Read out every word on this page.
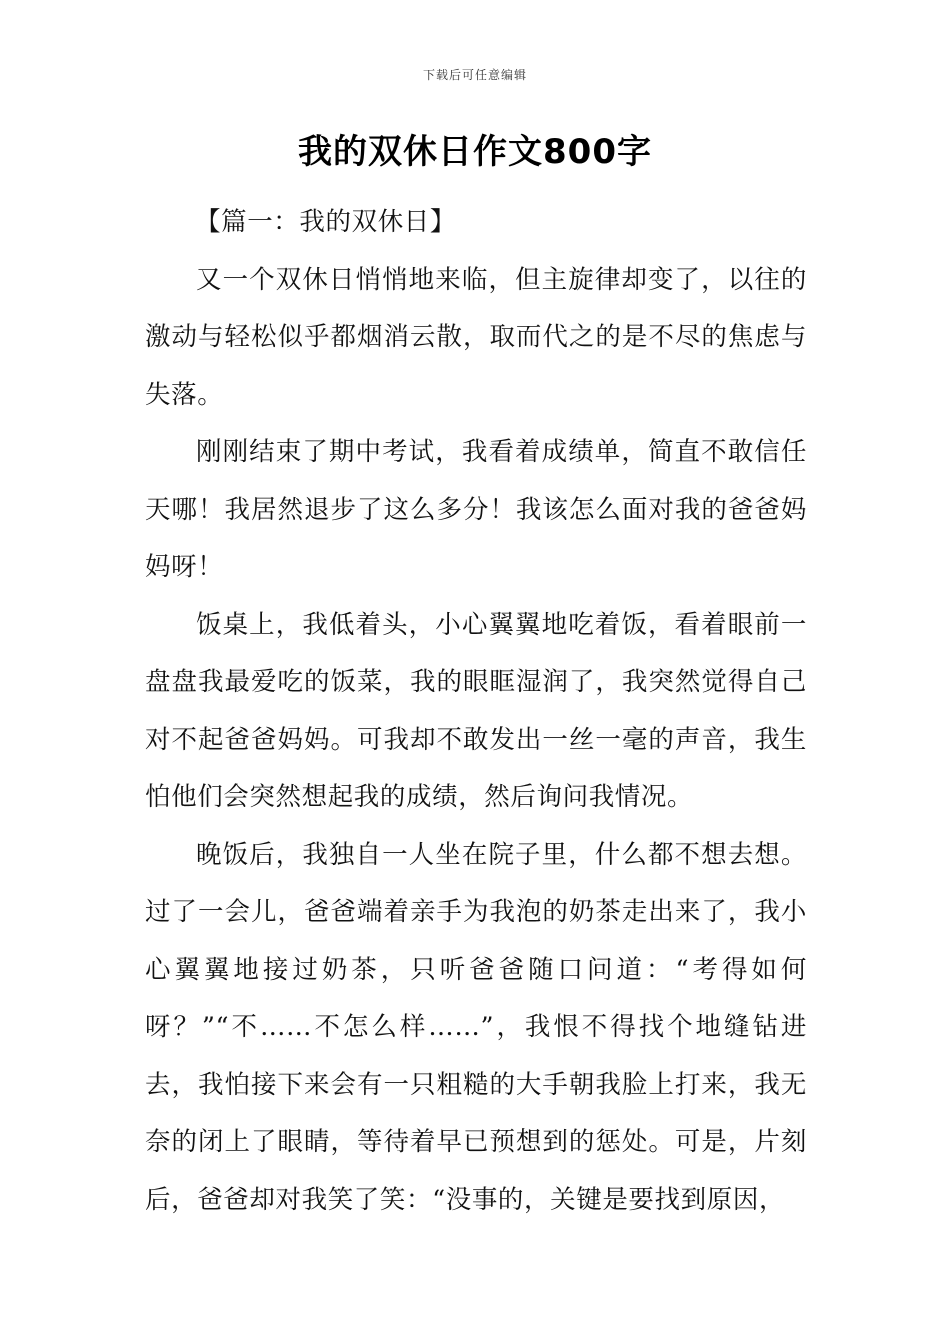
下载后可任意编辑
我的双休日作文800字

【篇一：我的双休日】

又一个双休日悄悄地来临，但主旋律却变了，以往的激动与轻松似乎都烟消云散，取而代之的是不尽的焦虑与失落。

刚刚结束了期中考试，我看着成绩单，简直不敢信任天哪！我居然退步了这么多分！我该怎么面对我的爸爸妈妈呀！

饭桌上，我低着头，小心翼翼地吃着饭，看着眼前一盘盘我最爱吃的饭菜，我的眼眶湿润了，我突然觉得自己对不起爸爸妈妈。可我却不敢发出一丝一毫的声音，我生怕他们会突然想起我的成绩，然后询问我情况。

晚饭后，我独自一人坐在院子里，什么都不想去想。过了一会儿，爸爸端着亲手为我泡的奶茶走出来了，我小心翼翼地接过奶茶，只听爸爸随口问道：“考得如何呀？”“不……不怎么样……”，我恨不得找个地缝钻进去，我怕接下来会有一只粗糙的大手朝我脸上打来，我无奈的闭上了眼睛，等待着早已预想到的惩处。可是，片刻后，爸爸却对我笑了笑：“没事的，关键是要找到原因，
